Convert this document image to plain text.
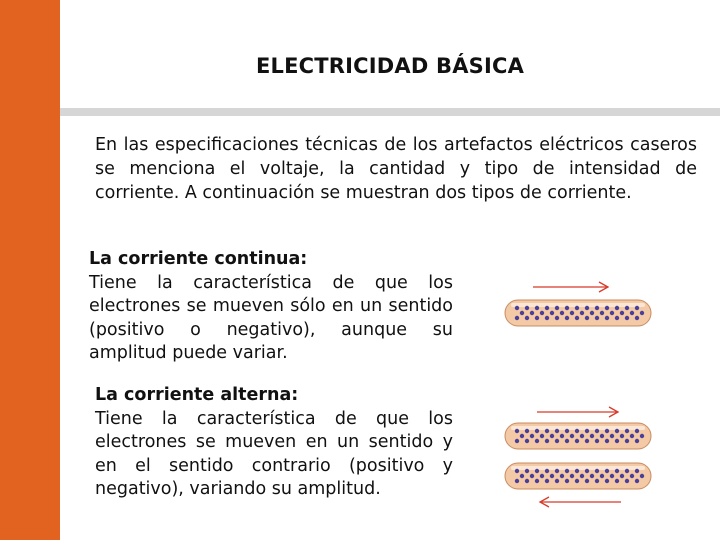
ELECTRICIDAD BÁSICA
En las especificaciones técnicas de los artefactos eléctricos caseros se menciona el voltaje, la cantidad y tipo de intensidad de corriente. A continuación se muestran dos tipos de corriente.
La corriente continua:
Tiene la característica de que los electrones se mueven sólo en un sentido (positivo o negativo), aunque su amplitud puede variar.
La corriente alterna:
Tiene la característica de que los electrones se mueven en un sentido y en el sentido contrario (positivo y negativo), variando su amplitud.
